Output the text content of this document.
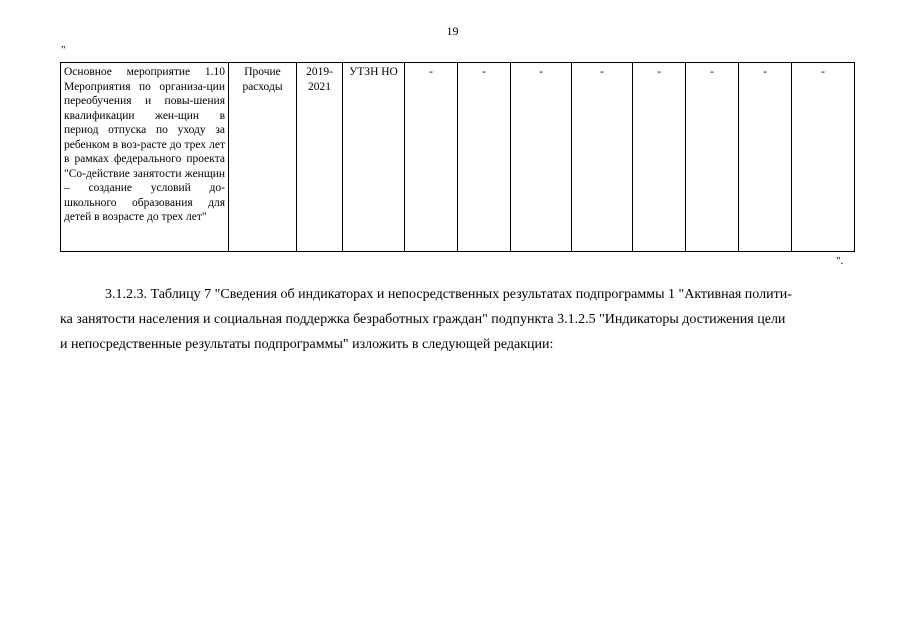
19
"
Основное мероприятие 1.10 Мероприятия по организа-ции переобучения и повы-шения квалификации жен-щин в период отпуска по уходу за ребенком в воз-расте до трех лет в рамках федерального проекта "Со-действие занятости женщин – создание условий до-школьного образования для детей в возрасте до трех лет"	Прочие расходы	2019-2021	УТЗН НО	-	-	-	-	-	-	-	-
".
3.1.2.3. Таблицу 7 "Сведения об индикаторах и непосредственных результатах подпрограммы 1 "Активная полити-
ка занятости населения и социальная поддержка безработных граждан" подпункта 3.1.2.5 "Индикаторы достижения цели
и непосредственные результаты подпрограммы" изложить в следующей редакции:
